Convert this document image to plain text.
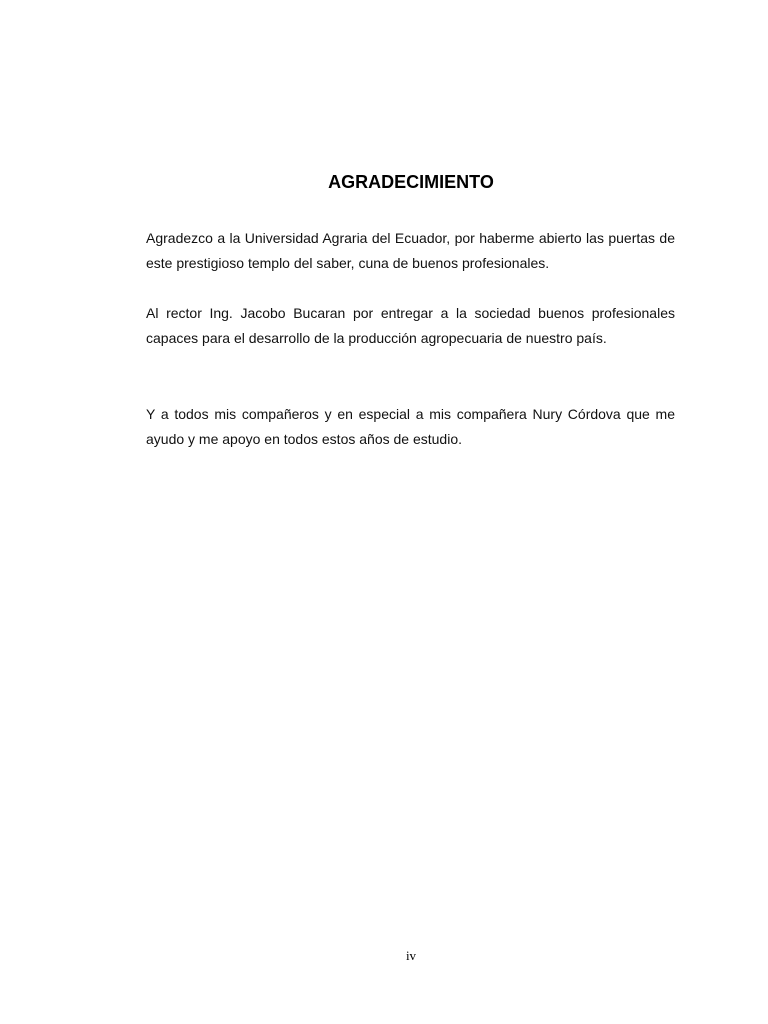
AGRADECIMIENTO

Agradezco a la Universidad Agraria del Ecuador, por haberme abierto las puertas de este prestigioso templo del saber, cuna de buenos profesionales.

Al rector Ing. Jacobo Bucaran por entregar a la sociedad buenos profesionales capaces para el desarrollo de la producción agropecuaria de nuestro país.

Y a todos mis compañeros y en especial a mis compañera Nury Córdova que me ayudo y me apoyo en todos estos años de estudio.

iv
